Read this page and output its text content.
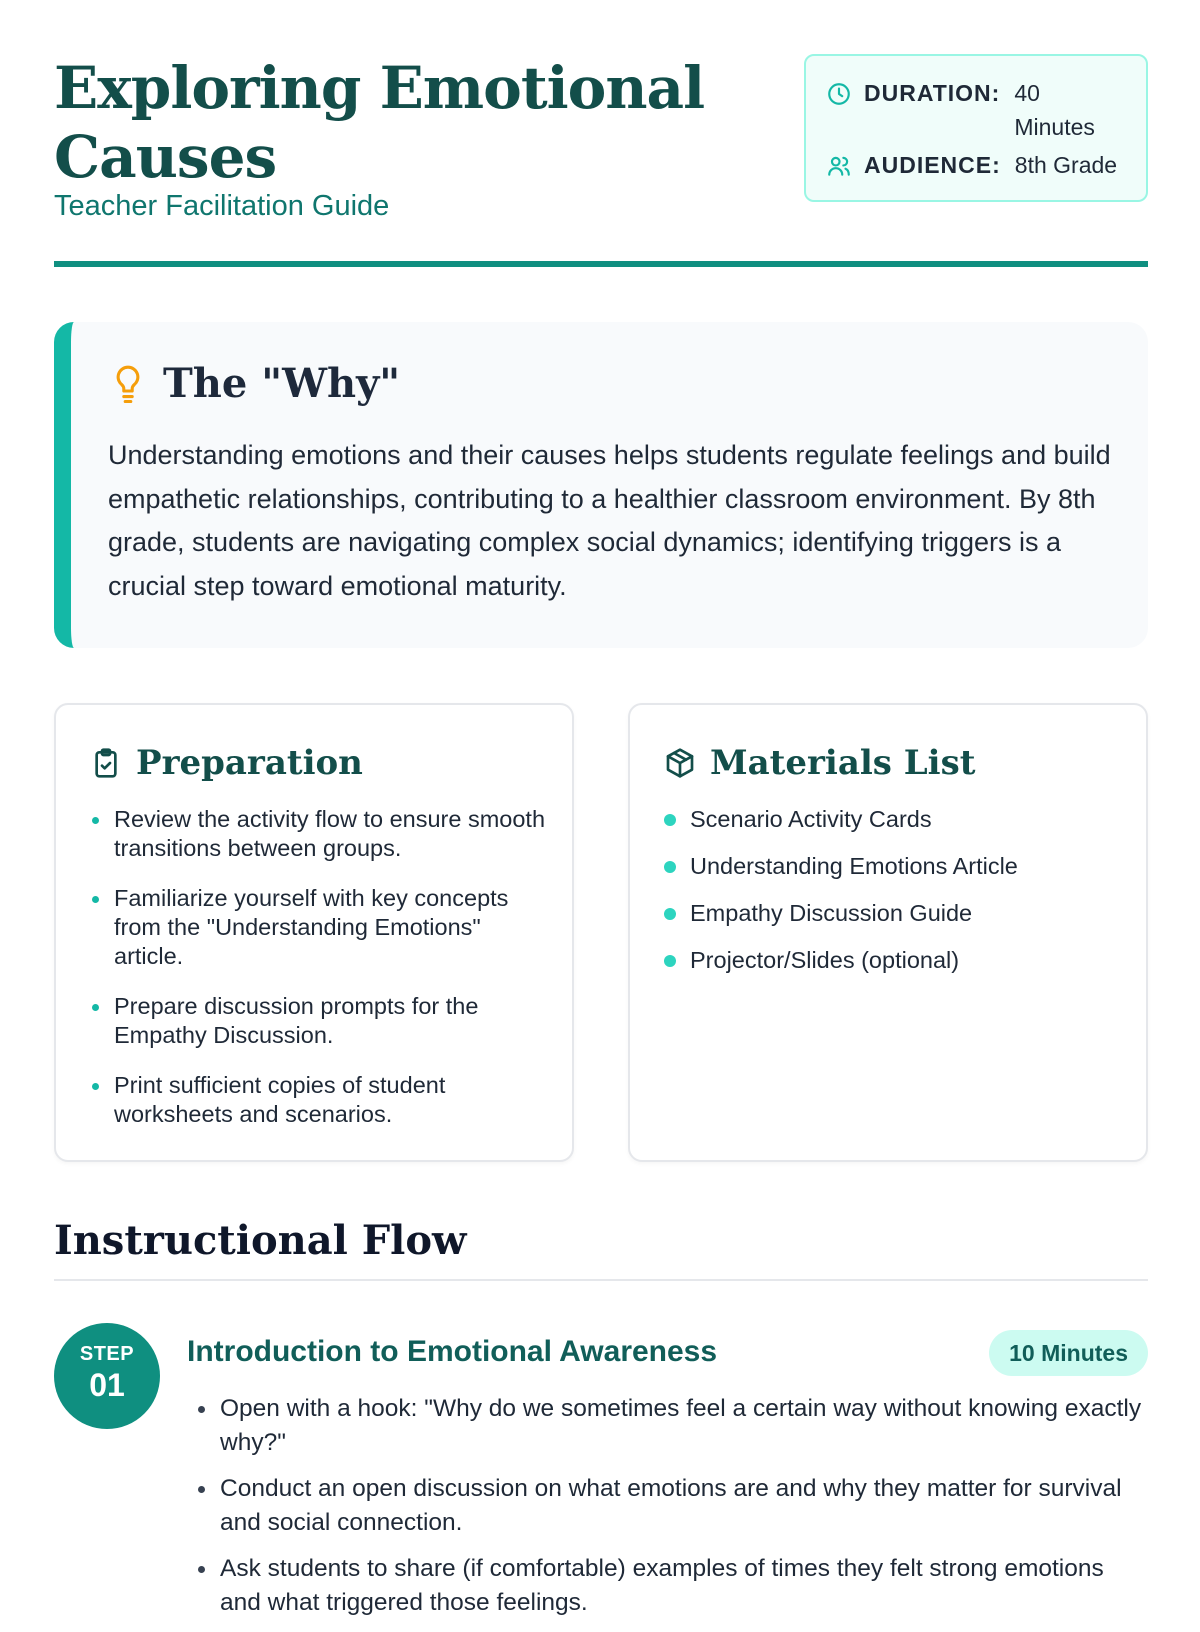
Exploring Emotional Causes
Teacher Facilitation Guide
DURATION: 40 Minutes
AUDIENCE: 8th Grade
The "Why"

Understanding emotions and their causes helps students regulate feelings and build empathetic relationships, contributing to a healthier classroom environment. By 8th grade, students are navigating complex social dynamics; identifying triggers is a crucial step toward emotional maturity.

Preparation
Review the activity flow to ensure smooth transitions between groups.
Familiarize yourself with key concepts from the "Understanding Emotions" article.
Prepare discussion prompts for the Empathy Discussion.
Print sufficient copies of student worksheets and scenarios.
Materials List
Scenario Activity Cards
Understanding Emotions Article
Empathy Discussion Guide
Projector/Slides (optional)
Instructional Flow
STEP
01
Introduction to Emotional Awareness	10 Minutes
Open with a hook: "Why do we sometimes feel a certain way without knowing exactly why?"
Conduct an open discussion on what emotions are and why they matter for survival and social connection.
Ask students to share (if comfortable) examples of times they felt strong emotions and what triggered those feelings.
